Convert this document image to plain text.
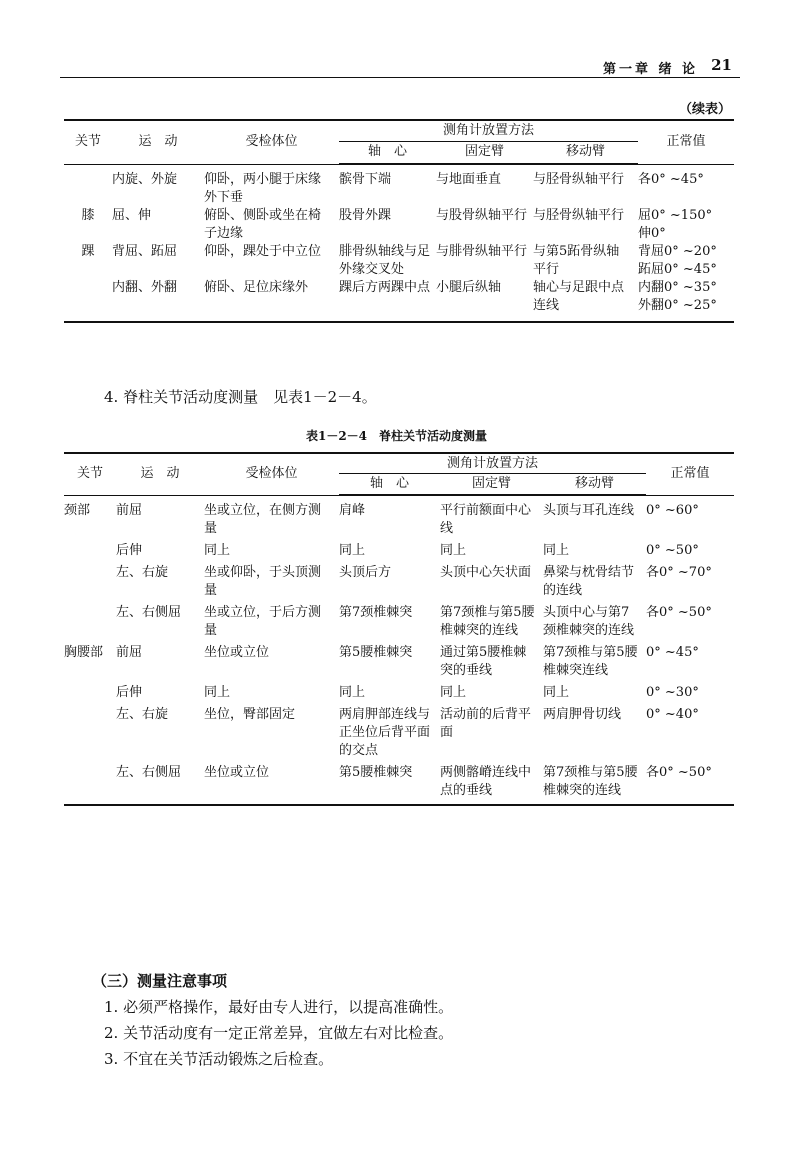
第一章 绪 论 21
（续表）
关节	运　动	受检体位	测角计放置方法			正常值
			轴　心	固定臂	移动臂	

	内旋、外旋	仰卧，两小腿于床缘外下垂	髌骨下端	与地面垂直	与胫骨纵轴平行	各0° ~45°
膝	屈、伸	俯卧、侧卧或坐在椅子边缘	股骨外踝	与股骨纵轴平行	与胫骨纵轴平行	屈0° ~150°
伸0°
踝	背屈、跖屈	仰卧，踝处于中立位	腓骨纵轴线与足外缘交叉处	与腓骨纵轴平行	与第5跖骨纵轴平行	背屈0° ~20°
跖屈0° ~45°
	内翻、外翻	俯卧、足位床缘外	踝后方两踝中点	小腿后纵轴	轴心与足跟中点连线	内翻0° ~35°
外翻0° ~25°
4. 脊柱关节活动度测量　见表1－2－4。
表1－2－4　脊柱关节活动度测量
关节	运　动	受检体位	测角计放置方法			正常值
			轴　心	固定臂	移动臂	

颈部	前屈	坐或立位，在侧方测量	肩峰	平行前额面中心线	头顶与耳孔连线	0° ~60°
	后伸	同上	同上	同上	同上	0° ~50°
	左、右旋	坐或仰卧，于头顶测量	头顶后方	头顶中心矢状面	鼻梁与枕骨结节的连线	各0° ~70°
	左、右侧屈	坐或立位，于后方测量	第7颈椎棘突	第7颈椎与第5腰椎棘突的连线	头顶中心与第7颈椎棘突的连线	各0° ~50°
胸腰部	前屈	坐位或立位	第5腰椎棘突	通过第5腰椎棘突的垂线	第7颈椎与第5腰椎棘突连线	0° ~45°
	后伸	同上	同上	同上	同上	0° ~30°
	左、右旋	坐位，臀部固定	两肩胛部连线与正坐位后背平面的交点	活动前的后背平面	两肩胛骨切线	0° ~40°
	左、右侧屈	坐位或立位	第5腰椎棘突	两侧髂嵴连线中点的垂线	第7颈椎与第5腰椎棘突的连线	各0° ~50°
（三）测量注意事项
1. 必须严格操作，最好由专人进行，以提高准确性。
2. 关节活动度有一定正常差异，宜做左右对比检查。
3. 不宜在关节活动锻炼之后检查。
